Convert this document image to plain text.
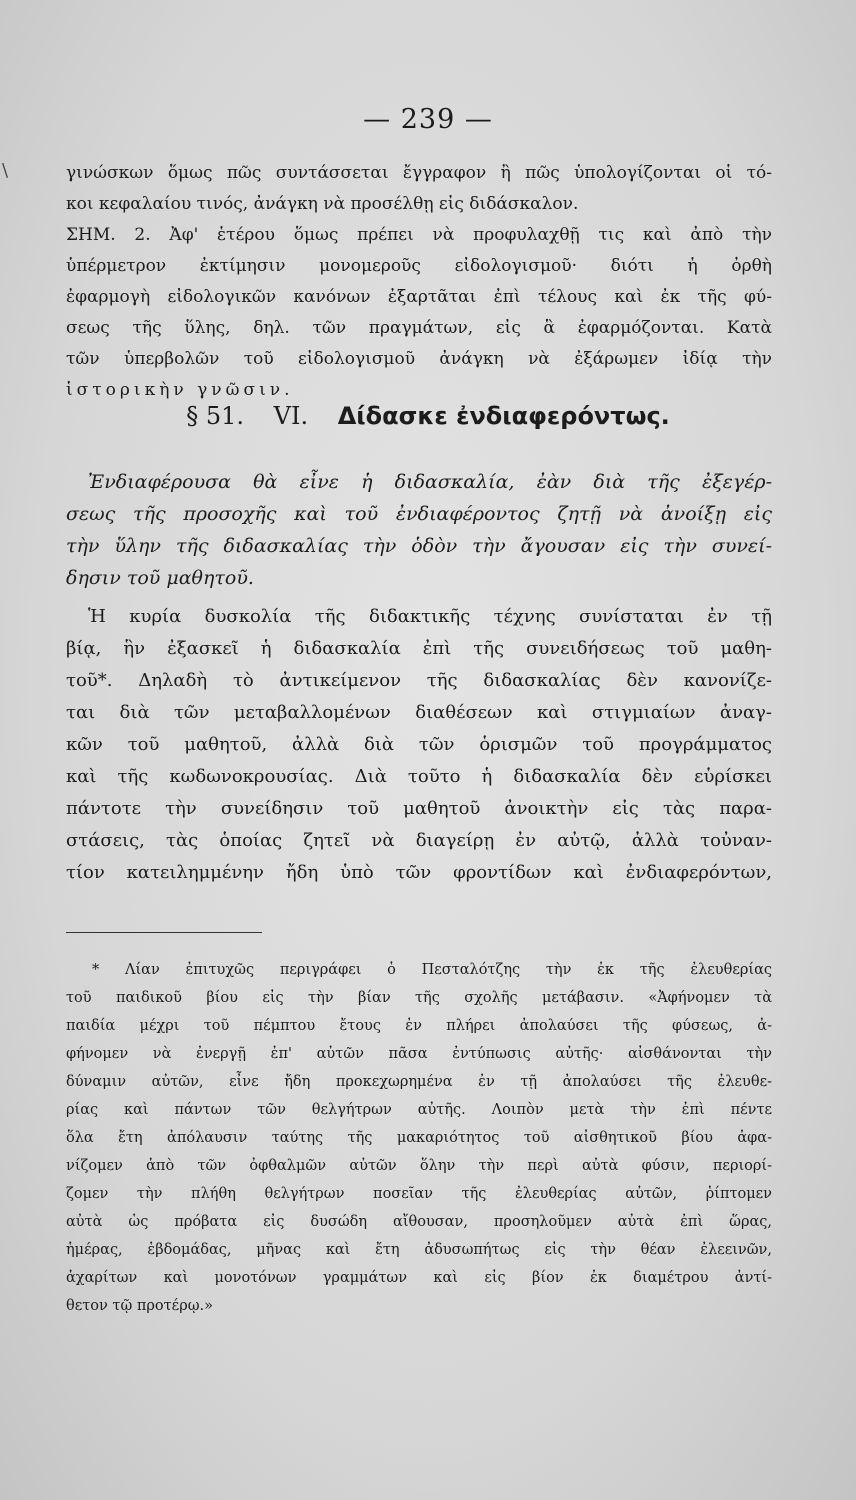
\
— 239 —
γινώσκων ὅμως πῶς συντάσσεται ἔγγραφον ἢ πῶς ὑπολογίζονται οἱ τό-
κοι κεφαλαίου τινός, ἀνάγκη νὰ προσέλθῃ εἰς διδάσκαλον.
ΣΗΜ. 2. Ἀφ' ἑτέρου ὅμως πρέπει νὰ προφυλαχθῇ τις καὶ ἀπὸ τὴν
ὑπέρμετρον ἐκτίμησιν μονομεροῦς εἰδολογισμοῦ· διότι ἡ ὀρθὴ
ἐφαρμογὴ εἰδολογικῶν κανόνων ἐξαρτᾶται ἐπὶ τέλους καὶ ἐκ τῆς φύ-
σεως τῆς ὕλης, δηλ. τῶν πραγμάτων, εἰς ἃ ἐφαρμόζονται. Κατὰ
τῶν ὑπερβολῶν τοῦ εἰδολογισμοῦ ἀνάγκη νὰ ἐξάρωμεν ἰδίᾳ τὴν
ἱστορικὴν γνῶσιν.
§ 51. VI. Δίδασκε ἐνδιαφερόντως.
Ἐνδιαφέρουσα θὰ εἶνε ἡ διδασκαλία, ἐὰν διὰ τῆς ἐξεγέρ-
σεως τῆς προσοχῆς καὶ τοῦ ἐνδιαφέροντος ζητῇ νὰ ἀνοίξῃ εἰς
τὴν ὕλην τῆς διδασκαλίας τὴν ὁδὸν τὴν ἄγουσαν εἰς τὴν συνεί-
δησιν τοῦ μαθητοῦ.
Ἡ κυρία δυσκολία τῆς διδακτικῆς τέχνης συνίσταται ἐν τῇ
βίᾳ, ἣν ἐξασκεῖ ἡ διδασκαλία ἐπὶ τῆς συνειδήσεως τοῦ μαθη-
τοῦ*. Δηλαδὴ τὸ ἀντικείμενον τῆς διδασκαλίας δὲν κανονίζε-
ται διὰ τῶν μεταβαλλομένων διαθέσεων καὶ στιγμιαίων ἀναγ-
κῶν τοῦ μαθητοῦ, ἀλλὰ διὰ τῶν ὁρισμῶν τοῦ προγράμματος
καὶ τῆς κωδωνοκρουσίας. Διὰ τοῦτο ἡ διδασκαλία δὲν εὑρίσκει
πάντοτε τὴν συνείδησιν τοῦ μαθητοῦ ἀνοικτὴν εἰς τὰς παρα-
στάσεις, τὰς ὁποίας ζητεῖ νὰ διαγείρῃ ἐν αὐτῷ, ἀλλὰ τοὐναν-
τίον κατειλημμένην ἤδη ὑπὸ τῶν φροντίδων καὶ ἐνδιαφερόντων,
* Λίαν ἐπιτυχῶς περιγράφει ὁ Πεσταλότζης τὴν ἐκ τῆς ἐλευθερίας
τοῦ παιδικοῦ βίου εἰς τὴν βίαν τῆς σχολῆς μετάβασιν. «Ἀφήνομεν τὰ
παιδία μέχρι τοῦ πέμπτου ἔτους ἐν πλήρει ἀπολαύσει τῆς φύσεως, ἀ-
φήνομεν νὰ ἐνεργῇ ἐπ' αὐτῶν πᾶσα ἐντύπωσις αὐτῆς· αἰσθάνονται τὴν
δύναμιν αὐτῶν, εἶνε ἤδη προκεχωρημένα ἐν τῇ ἀπολαύσει τῆς ἐλευθε-
ρίας καὶ πάντων τῶν θελγήτρων αὐτῆς. Λοιπὸν μετὰ τὴν ἐπὶ πέντε
ὅλα ἔτη ἀπόλαυσιν ταύτης τῆς μακαριότητος τοῦ αἰσθητικοῦ βίου ἀφα-
νίζομεν ἀπὸ τῶν ὀφθαλμῶν αὐτῶν ὅλην τὴν περὶ αὐτὰ φύσιν, περιορί-
ζομεν τὴν πλήθη θελγήτρων ποσεῖαν τῆς ἐλευθερίας αὐτῶν, ῥίπτομεν
αὐτὰ ὡς πρόβατα εἰς δυσώδη αἴθουσαν, προσηλοῦμεν αὐτὰ ἐπὶ ὥρας,
ἡμέρας, ἑβδομάδας, μῆνας καὶ ἔτη ἀδυσωπήτως εἰς τὴν θέαν ἐλεεινῶν,
ἀχαρίτων καὶ μονοτόνων γραμμάτων καὶ εἰς βίον ἐκ διαμέτρου ἀντί-
θετον τῷ προτέρῳ.»
